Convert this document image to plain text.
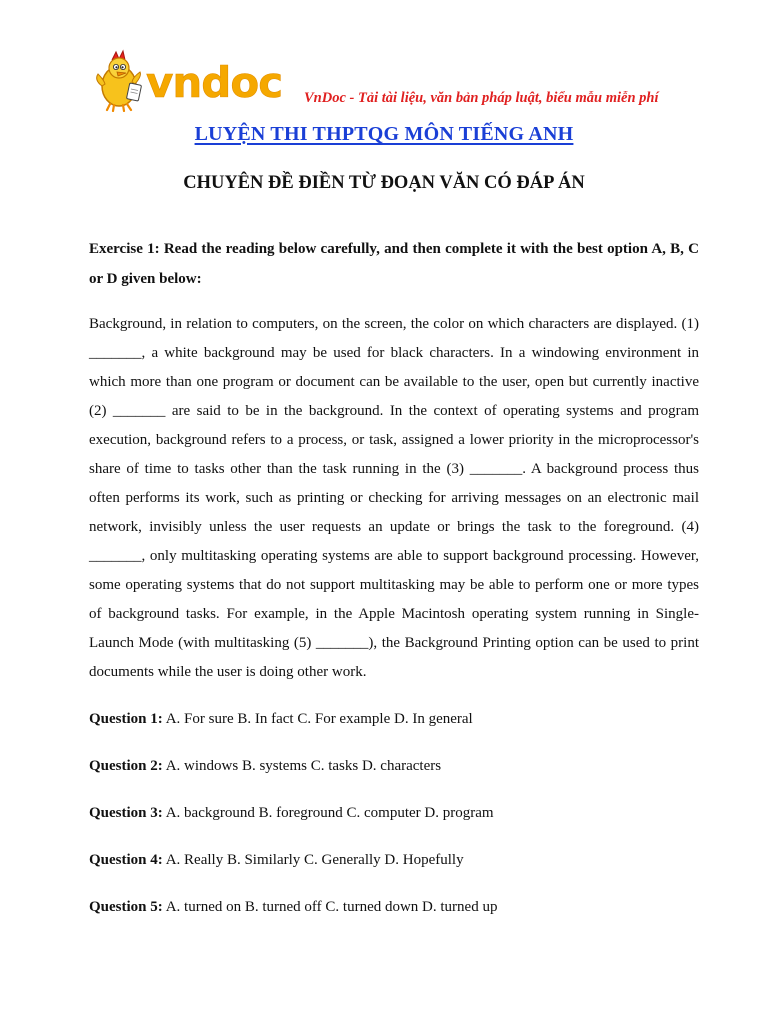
vndoc VnDoc - Tải tài liệu, văn bản pháp luật, biểu mẫu miễn phí
LUYỆN THI THPTQG MÔN TIẾNG ANH
CHUYÊN ĐỀ ĐIỀN TỪ ĐOẠN VĂN CÓ ĐÁP ÁN

Exercise 1: Read the reading below carefully, and then complete it with the best option A, B, C or D given below:

Background, in relation to computers, on the screen, the color on which characters are displayed. (1) _______, a white background may be used for black characters. In a windowing environment in which more than one program or document can be available to the user, open but currently inactive (2) _______ are said to be in the background. In the context of operating systems and program execution, background refers to a process, or task, assigned a lower priority in the microprocessor's share of time to tasks other than the task running in the (3) _______. A background process thus often performs its work, such as printing or checking for arriving messages on an electronic mail network, invisibly unless the user requests an update or brings the task to the foreground. (4) _______, only multitasking operating systems are able to support background processing. However, some operating systems that do not support multitasking may be able to perform one or more types of background tasks. For example, in the Apple Macintosh operating system running in Single-Launch Mode (with multitasking (5) _______), the Background Printing option can be used to print documents while the user is doing other work.

Question 1: A. For sure B. In fact C. For example D. In general
Question 2: A. windows B. systems C. tasks D. characters
Question 3: A. background B. foreground C. computer D. program
Question 4: A. Really B. Similarly C. Generally D. Hopefully
Question 5: A. turned on B. turned off C. turned down D. turned up
